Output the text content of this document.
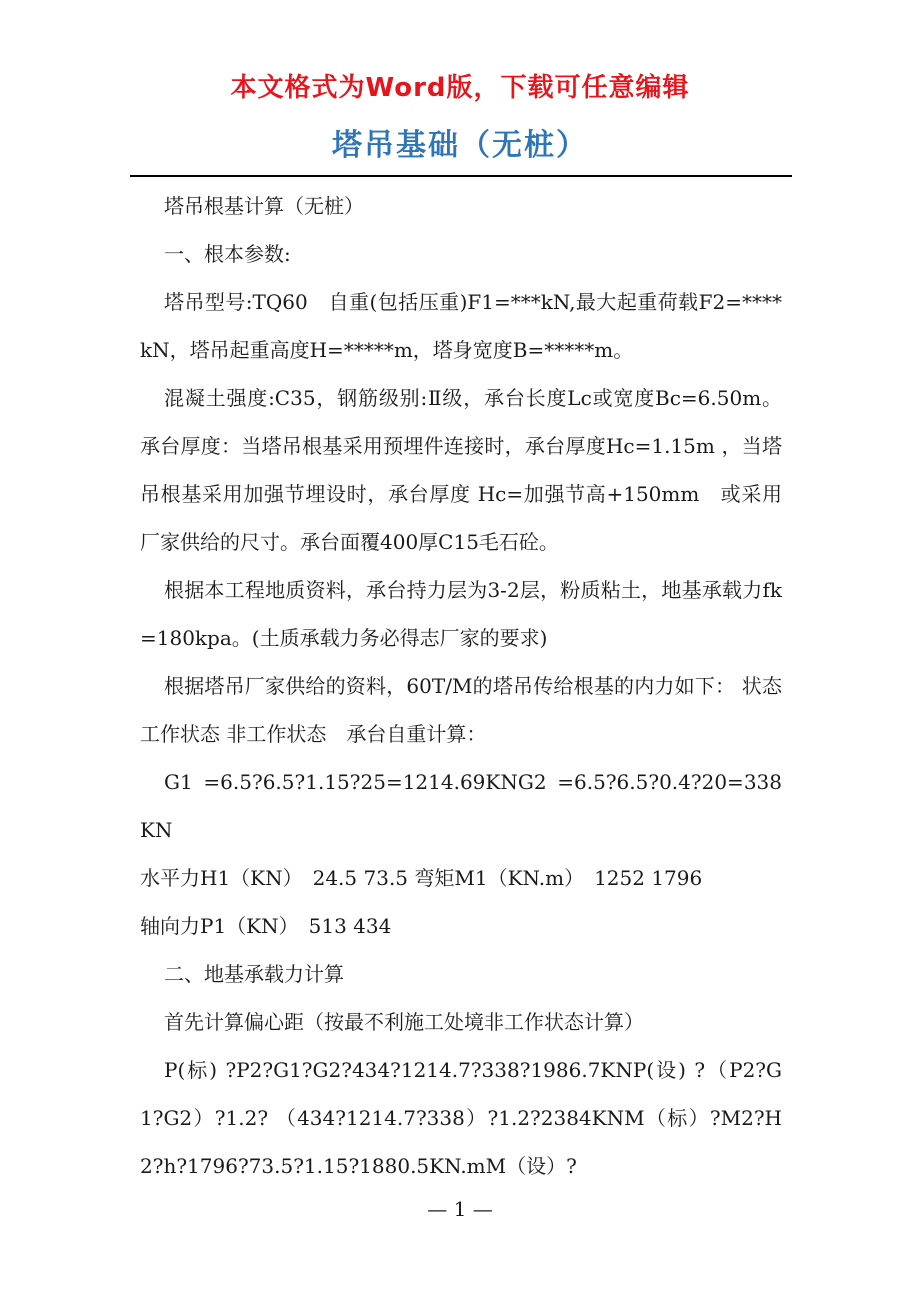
本文格式为Word版，下载可任意编辑
塔吊基础（无桩）

塔吊根基计算（无桩）

一、根本参数:

塔吊型号:TQ60　自重(包括压重)F1=***kN,最大起重荷载F2=****kN，塔吊起重高度H=*****m，塔身宽度B=*****m。

混凝土强度:C35，钢筋级别:Ⅱ级，承台长度Lc或宽度Bc=6.50m。 承台厚度：当塔吊根基采用预埋件连接时，承台厚度Hc=1.15m ，当塔吊根基采用加强节埋设时，承台厚度 Hc=加强节高+150mm　或采用厂家供给的尺寸。承台面覆400厚C15毛石砼。

根据本工程地质资料，承台持力层为3-2层，粉质粘土，地基承载力fk=180kpa。(土质承载力务必得志厂家的要求)

根据塔吊厂家供给的资料，60T/M的塔吊传给根基的内力如下： 状态 工作状态 非工作状态　承台自重计算：

G1 =6.5?6.5?1.15?25=1214.69KNG2 =6.5?6.5?0.4?20=338KN

水平力H1（KN）　24.5 73.5 弯矩M1（KN.m）　1252 1796

轴向力P1（KN）　513 434

二、地基承载力计算

首先计算偏心距（按最不利施工处境非工作状态计算）

P(标) ?P2?G1?G2?434?1214.7?338?1986.7KNP(设) ?（P2?G1?G2）?1.2? （434?1214.7?338）?1.2?2384KNM（标）?M2?H2?h?1796?73.5?1.15?1880.5KN.mM（设）?

— 1 —
